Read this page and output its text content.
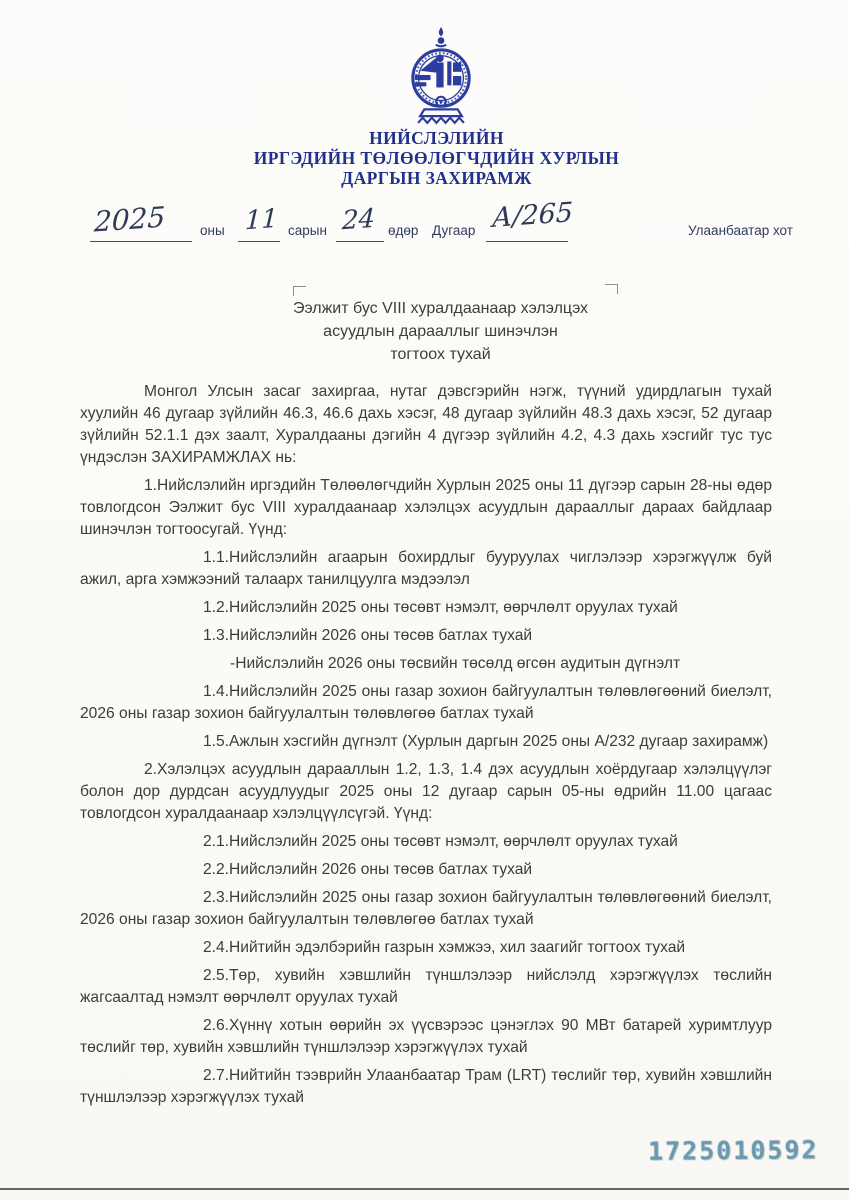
НИЙСЛЭЛИЙН
ИРГЭДИЙН ТӨЛӨӨЛӨГЧДИЙН ХУРЛЫН
ДАРГЫН ЗАХИРАМЖ
2025	оны 11 сарын 24 өдөр Дугаар А/265	Улаанбаатар хот
Ээлжит бус VIII хуралдаанаар хэлэлцэх
асуудлын дарааллыг шинэчлэн
тогтоох тухай

Монгол Улсын засаг захиргаа, нутаг дэвсгэрийн нэгж, түүний удирдлагын тухай хуулийн 46 дугаар зүйлийн 46.3, 46.6 дахь хэсэг, 48 дугаар зүйлийн 48.3 дахь хэсэг, 52 дугаар зүйлийн 52.1.1 дэх заалт, Хуралдааны дэгийн 4 дүгээр зүйлийн 4.2, 4.3 дахь хэсгийг тус тус үндэслэн ЗАХИРАМЖЛАХ нь:

1.Нийслэлийн иргэдийн Төлөөлөгчдийн Хурлын 2025 оны 11 дүгээр сарын 28-ны өдөр товлогдсон Ээлжит бус VIII хуралдаанаар хэлэлцэх асуудлын дарааллыг дараах байдлаар шинэчлэн тогтоосугай. Үүнд:

1.1.Нийслэлийн агаарын бохирдлыг бууруулах чиглэлээр хэрэгжүүлж буй ажил, арга хэмжээний талаарх танилцуулга мэдээлэл

1.2.Нийслэлийн 2025 оны төсөвт нэмэлт, өөрчлөлт оруулах тухай

1.3.Нийслэлийн 2026 оны төсөв батлах тухай

-Нийслэлийн 2026 оны төсвийн төсөлд өгсөн аудитын дүгнэлт

1.4.Нийслэлийн 2025 оны газар зохион байгуулалтын төлөвлөгөөний биелэлт, 2026 оны газар зохион байгуулалтын төлөвлөгөө батлах тухай

1.5.Ажлын хэсгийн дүгнэлт (Хурлын даргын 2025 оны А/232 дугаар захирамж)

2.Хэлэлцэх асуудлын дарааллын 1.2, 1.3, 1.4 дэх асуудлын хоёрдугаар хэлэлцүүлэг болон дор дурдсан асуудлуудыг 2025 оны 12 дугаар сарын 05-ны өдрийн 11.00 цагаас товлогдсон хуралдаанаар хэлэлцүүлсүгэй. Үүнд:

2.1.Нийслэлийн 2025 оны төсөвт нэмэлт, өөрчлөлт оруулах тухай

2.2.Нийслэлийн 2026 оны төсөв батлах тухай

2.3.Нийслэлийн 2025 оны газар зохион байгуулалтын төлөвлөгөөний биелэлт, 2026 оны газар зохион байгуулалтын төлөвлөгөө батлах тухай

2.4.Нийтийн эдэлбэрийн газрын хэмжээ, хил заагийг тогтоох тухай

2.5.Төр, хувийн хэвшлийн түншлэлээр нийслэлд хэрэгжүүлэх төслийн жагсаалтад нэмэлт өөрчлөлт оруулах тухай

2.6.Хүннү хотын өөрийн эх үүсвэрээс цэнэглэх 90 МВт батарей хуримтлуур төслийг төр, хувийн хэвшлийн түншлэлээр хэрэгжүүлэх тухай

2.7.Нийтийн тээврийн Улаанбаатар Трам (LRT) төслийг төр, хувийн хэвшлийн түншлэлээр хэрэгжүүлэх тухай

1725010592
